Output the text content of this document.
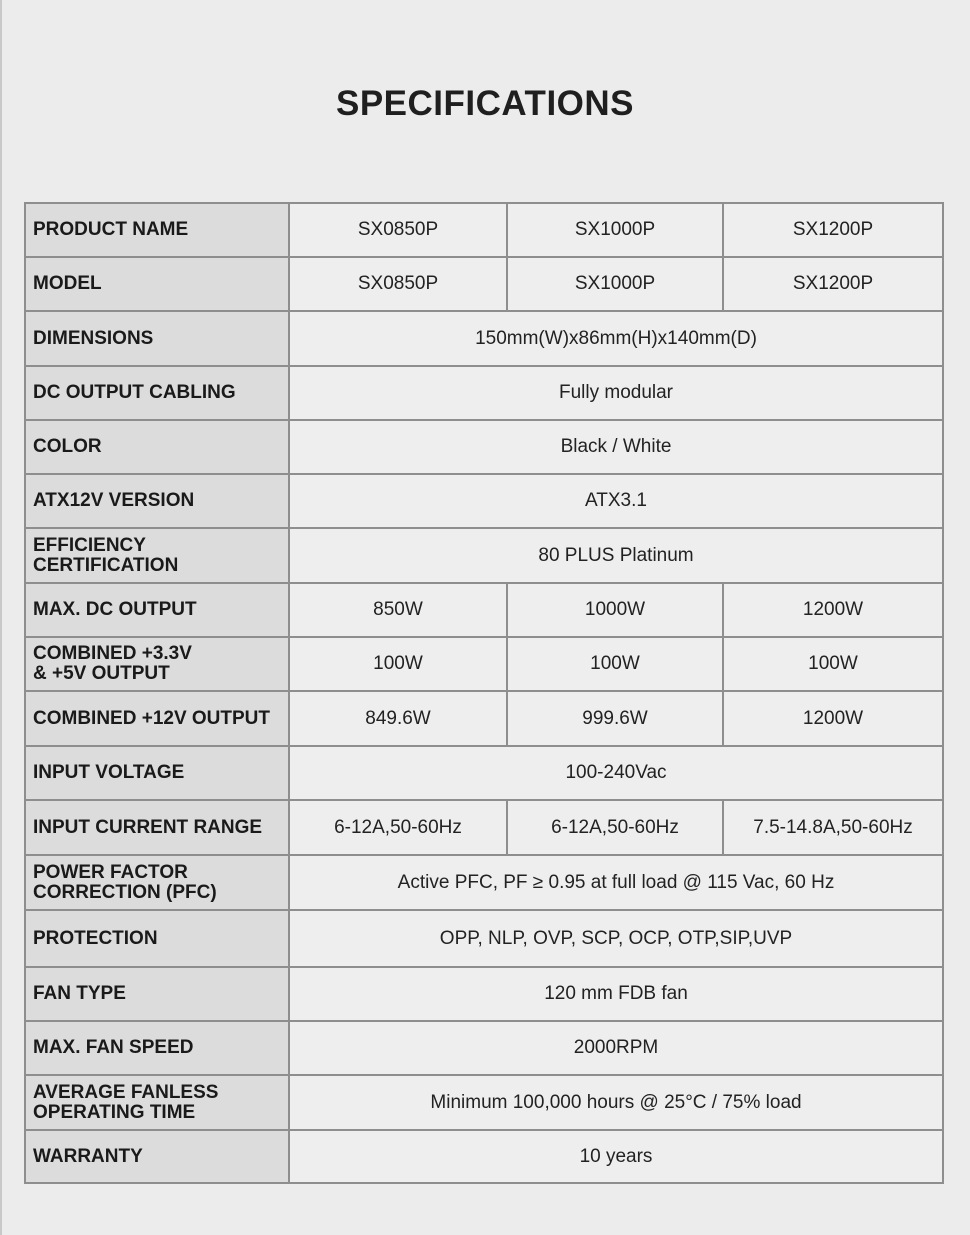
SPECIFICATIONS
PRODUCT NAME	SX0850P	SX1000P	SX1200P
MODEL	SX0850P	SX1000P	SX1200P
DIMENSIONS	150mm(W)x86mm(H)x140mm(D)		
DC OUTPUT CABLING	Fully modular		
COLOR	Black / White		
ATX12V VERSION	ATX3.1		
EFFICIENCY
CERTIFICATION	80 PLUS Platinum		
MAX. DC OUTPUT	850W	1000W	1200W
COMBINED +3.3V
& +5V OUTPUT	100W	100W	100W
COMBINED +12V OUTPUT	849.6W	999.6W	1200W
INPUT VOLTAGE	100-240Vac		
INPUT CURRENT RANGE	6-12A,50-60Hz	6-12A,50-60Hz	7.5-14.8A,50-60Hz
POWER FACTOR
CORRECTION (PFC)	Active PFC, PF ≥ 0.95 at full load @ 115 Vac, 60 Hz		
PROTECTION	OPP, NLP, OVP, SCP, OCP, OTP,SIP,UVP		
FAN TYPE	120 mm FDB fan		
MAX. FAN SPEED	2000RPM		
AVERAGE FANLESS
OPERATING TIME	Minimum 100,000 hours @ 25°C / 75% load		
WARRANTY	10 years		
